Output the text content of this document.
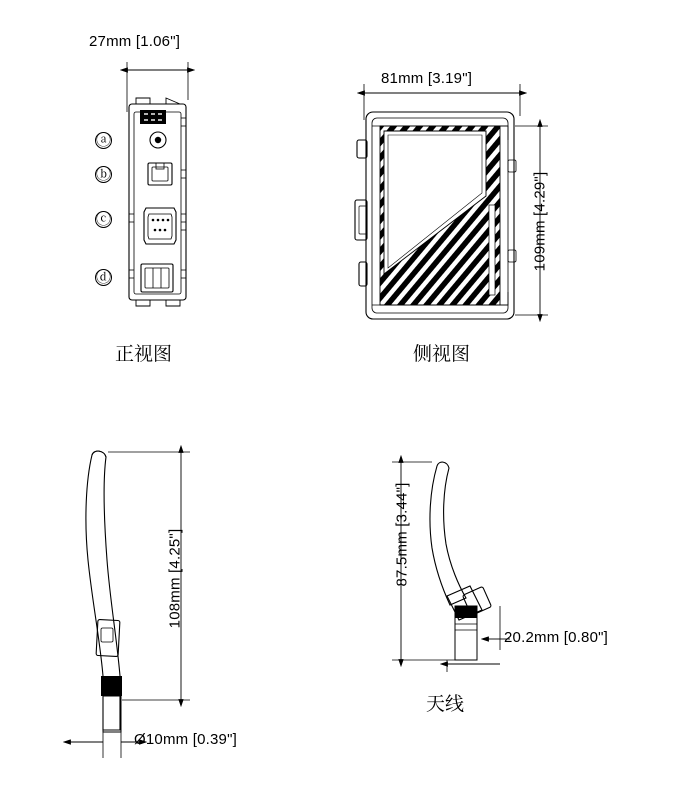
27mm [1.06"]
ⓐ
ⓑ
ⓒ
ⓓ
正视图
81mm [3.19"]
109mm [4.29"]
侧视图
108mm [4.25"]
Ø10mm [0.39"]
87.5mm [3.44"]
20.2mm [0.80"]
天线
